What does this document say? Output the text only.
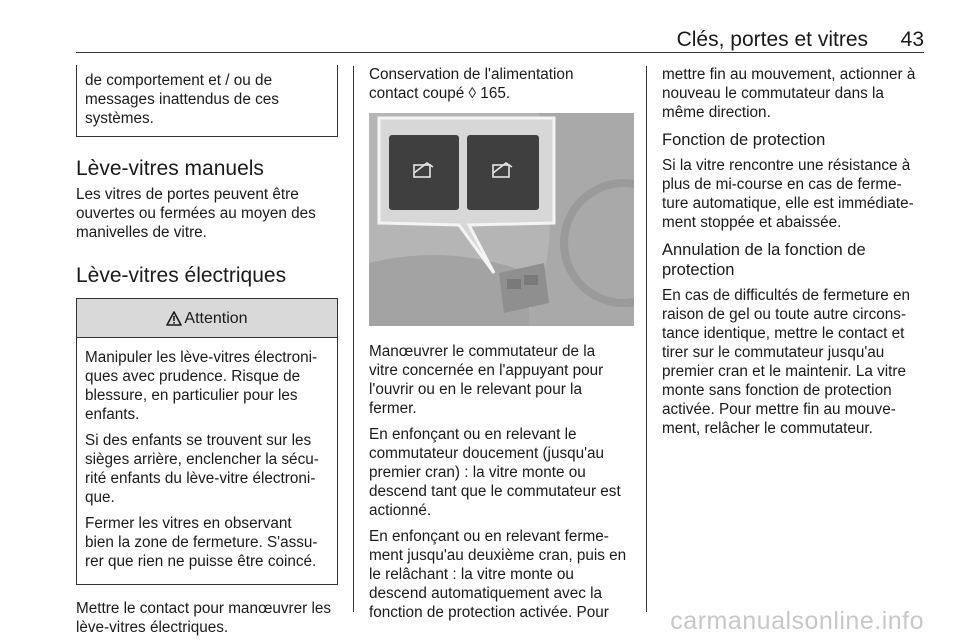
Clés, portes et vitres 43

de comportement et / ou de
messages inattendus de ces
systèmes.

Lève-vitres manuels

Les vitres de portes peuvent être
ouvertes ou fermées au moyen des
manivelles de vitre.

Lève-vitres électriques
Attention

Manipuler les lève-vitres électroni-
ques avec prudence. Risque de
blessure, en particulier pour les
enfants.

Si des enfants se trouvent sur les
sièges arrière, enclencher la sécu-
rité enfants du lève-vitre électroni-
que.

Fermer les vitres en observant
bien la zone de fermeture. S'assu-
rer que rien ne puisse être coincé.

Mettre le contact pour manœuvrer les
lève-vitres électriques.

Conservation de l'alimentation
contact coupé ◊ 165.

Manœuvrer le commutateur de la
vitre concernée en l'appuyant pour
l'ouvrir ou en le relevant pour la
fermer.

En enfonçant ou en relevant le
commutateur doucement (jusqu'au
premier cran) : la vitre monte ou
descend tant que le commutateur est
actionné.

En enfonçant ou en relevant ferme-
ment jusqu'au deuxième cran, puis en
le relâchant : la vitre monte ou
descend automatiquement avec la
fonction de protection activée. Pour

mettre fin au mouvement, actionner à
nouveau le commutateur dans la
même direction.

Fonction de protection

Si la vitre rencontre une résistance à
plus de mi-course en cas de ferme-
ture automatique, elle est immédiate-
ment stoppée et abaissée.

Annulation de la fonction de
protection

En cas de difficultés de fermeture en
raison de gel ou toute autre circons-
tance identique, mettre le contact et
tirer sur le commutateur jusqu'au
premier cran et le maintenir. La vitre
monte sans fonction de protection
activée. Pour mettre fin au mouve-
ment, relâcher le commutateur.

carmanualsonline.info
